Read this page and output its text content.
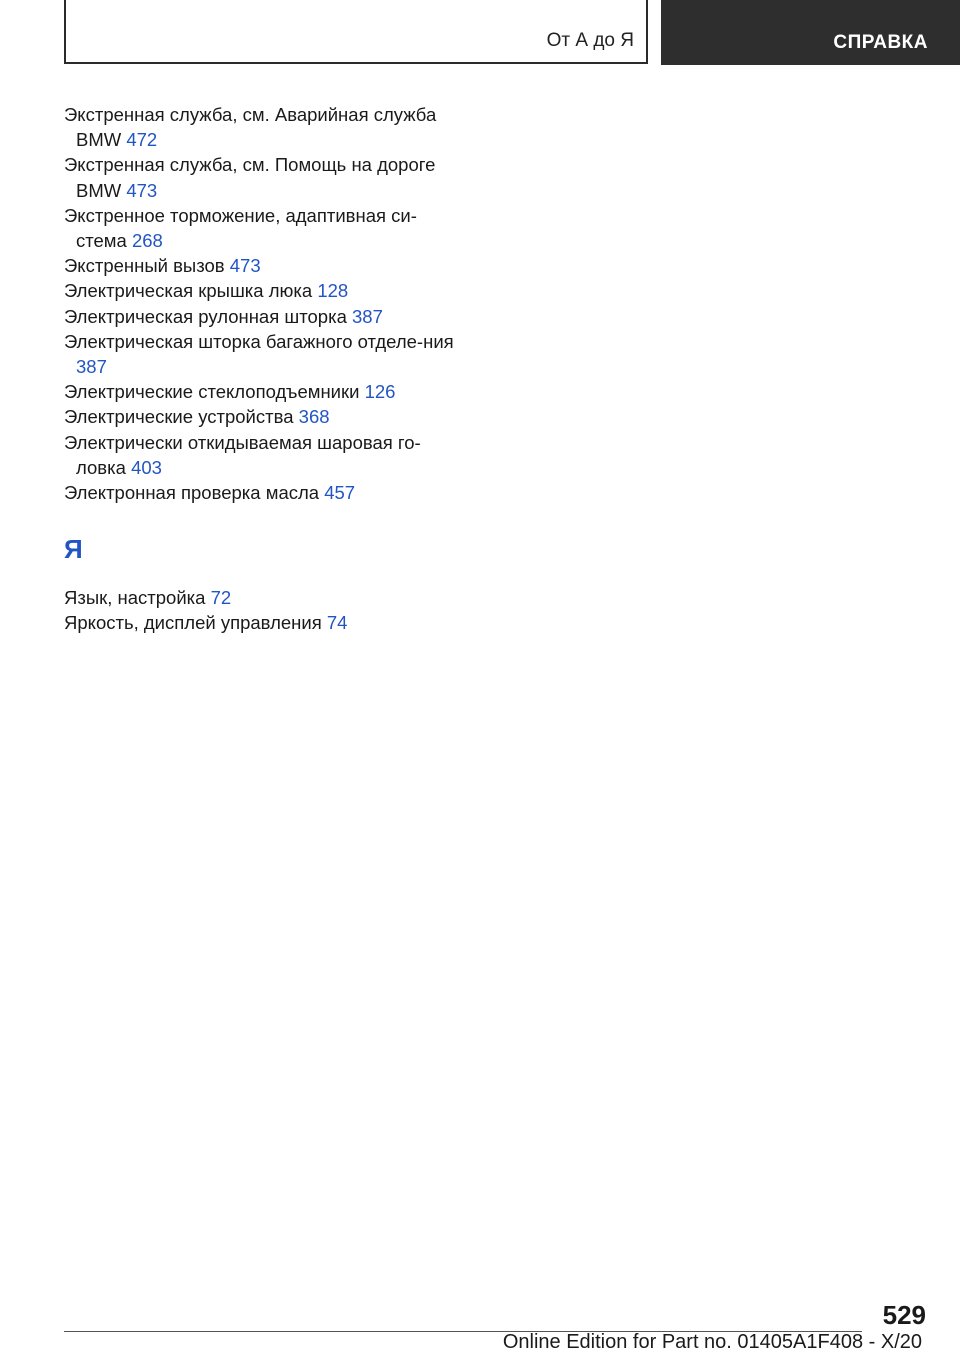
От А до Я	СПРАВКА
Экстренная служба, см. Аварийная служба BMW 472
Экстренная служба, см. Помощь на дороге BMW 473
Экстренное торможение, адаптивная си-стема 268
Экстренный вызов 473
Электрическая крышка люка 128
Электрическая рулонная шторка 387
Электрическая шторка багажного отделе-ния 387
Электрические стеклоподъемники 126
Электрические устройства 368
Электрически откидываемая шаровая го-ловка 403
Электронная проверка масла 457
Я
Язык, настройка 72
Яркость, дисплей управления 74
529
Online Edition for Part no. 01405A1F408 - X/20
